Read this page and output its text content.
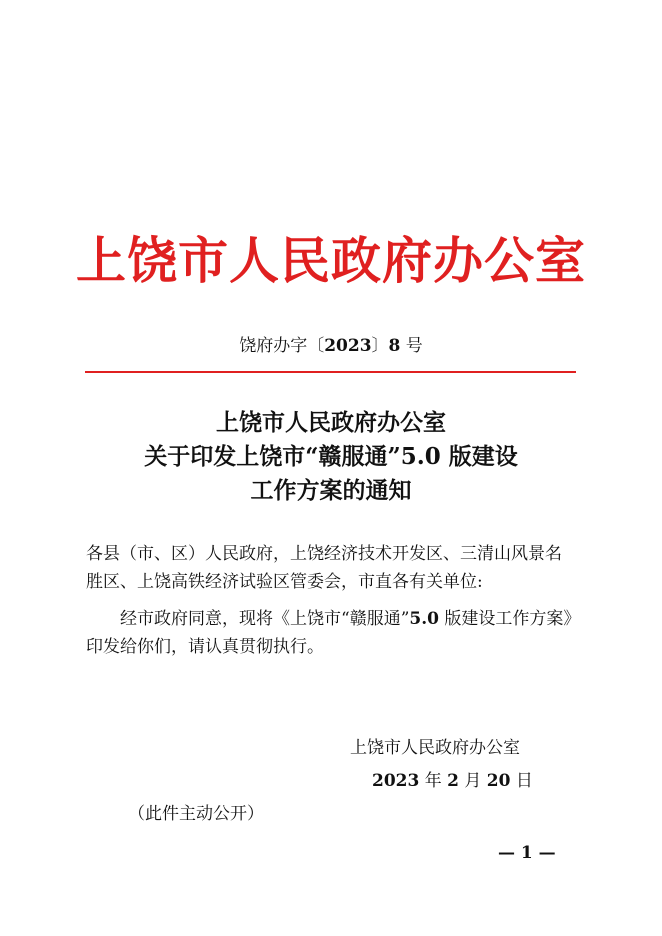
上饶市人民政府办公室
饶府办字〔2023〕8 号
上饶市人民政府办公室
关于印发上饶市“赣服通”5.0 版建设
工作方案的通知
各县（市、区）人民政府，上饶经济技术开发区、三清山风景名胜区、上饶高铁经济试验区管委会，市直各有关单位:
经市政府同意，现将《上饶市“赣服通”5.0 版建设工作方案》印发给你们，请认真贯彻执行。
上饶市人民政府办公室
2023 年 2 月 20 日
（此件主动公开）
— 1 —
